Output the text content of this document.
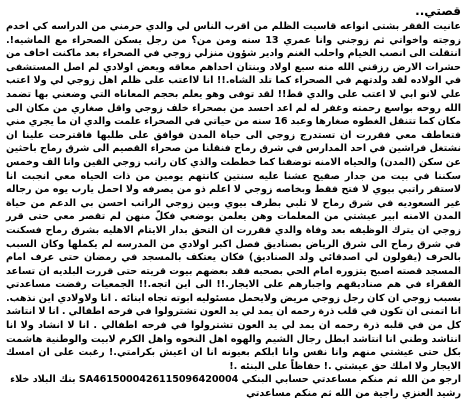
قصتي..

عانيت الفقر بشتى انواعه قاسيت الظلم من اقرب الناس لي والدي حرمني من الدراسه كي اخدم زوجته واخواتي ثم زوجني وانا عمري 13 سنه ومن من؟ من رجل يسكن الصحراء مع الماشيه!. انتقلت الى انصب الخيام واحلب الغنم وادير شؤون منزلي زوجي في الصحراء بعد ماكنت اخاف من حشرات الارض رزقني الله منه سبع اولاد وبنتان احداهم معاقه ويعض اولادي لم اصل المستشفى في الولاده لقد ولدتهم في الصحراء كما تلد الشاه.!! انا لااعتب على ظلم اهل زوجي لي ولا اعتب علي لانو ابي لا اعتب على والدي قط!! لقد توفى وهو يعلم بحجم المعاناه التي وضعني بها تضمد الله روحه بواسع رحمته وغفر له لم اعد احسد من بصحراء خلف زوجي واقل صغاري من مكان الى مكان كما تتنقل الغطوه صغارها وعبد 16 سنه من حياتي في الصحراء علمت والدي ان ما يجري مني فتعاطف معي فقررت ان تستدرج زوجي الى حياة المدن فوافق على طلبها فاقترحت علينا ان نشتغل فراشين في احد المدارس في شرق رماح فنقلنا من صحراء القصيم الى شرق رماح باحثين عن سكن (المدن) والحياه الامنه توضفنا كما خططت والذي كان راتب زوجي القين وانا الف وخمس سكننا في بيت من جدار صفيح عشنا عليه سنتين كانتهم يومين من ذات الحياه معي انجبت انا لاستقر راتبي بيوي لا فتح فقط وبخاصه زوجي لا اعلم ذو من يصرفه ولا احمل يارب يوه من رجاله غير السعوديه في شرق رماح لا تلبي بطرف بيوي وبين زوجي الراتب احسن بي الدعم من حياة المدن الامنه ابير عيشتي من المعلمات وهن يعلمن بوضعي فكلّ منهن لم تقصر معي حتى قرر زوجي ان يترك الوظيفه بعد وفاة والدي فقررت ان التحق بدار الايتام الاهليه بشرق رماح فسكنت في شرق رماح الى شرق الرياض بصناديق فصل اكبر اولادي من المدرسه لم يكملها وكان السبب بالحرف (يقولون لي اصدقائي ولد الصناديق) فكان يعتكف بالمسجد في رمضان حتى عرف امام المسجد قصته اصبح يتزوره امام الحي بصحبه فقد بعضهم بيوت قريته حتى قررت البلديه ان تساعد الفقراء في هم صناديقهم واجبارهم على الايجار.!! الى اين اتجه.!! الجمعيات رفضت مساعدتي بسبب زوجي ان كان رجل زوجي مريض ولايحمل مسئوليه ابوته تجاه ابنائه . انا ولاولادي اين نذهب. انا اتمنى ان تكون في قلب ذرة رحمه ان يمد لي يد العون تشترولوا في فرحه اطفالي . انا لا انتاشد كل من في قلبه ذرة رحمه ان يمد لي يد العون تشترولوا في فرحه اطفالي . انا لا انشاد ولا انا انتاشد وطني انا انتاشد ابطل رجال الشيم والهوه اهل النخوه واهل الكرم لابيت والوطنية هاشمت بكل حتى عيشتي منهم وانا نفس وانا ابلكم بعيونه انا ان اعيش بكرامتي.! رغبت على ان امسك الايجار ولا املك حق عيشتي .! حفاظاً على البنئه .!

ارجو من الله ثم منكم مساعدتي حسابي البنكي SA4615000426115096420004 بنك البلاد خلاء رشيد العنزي راجية من الله ثم منكم مساعدتي
